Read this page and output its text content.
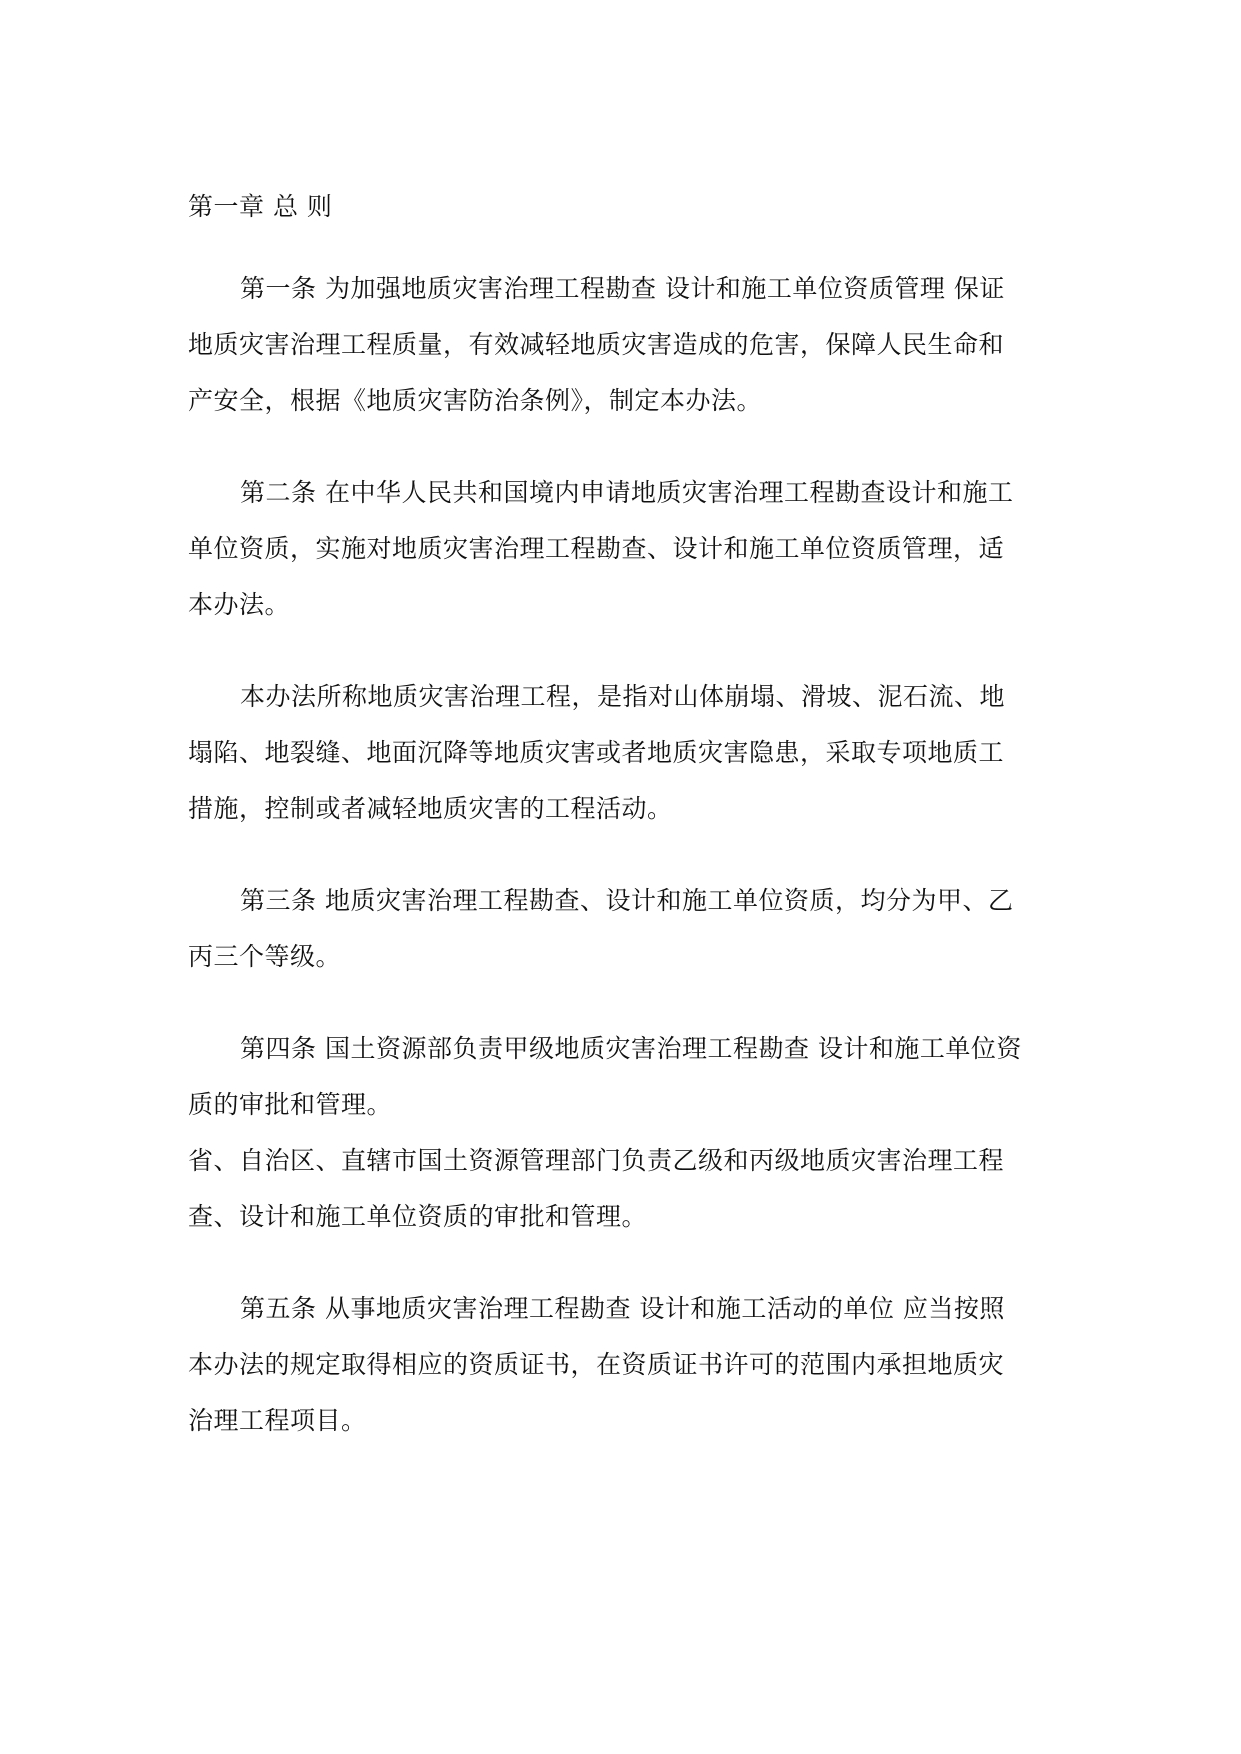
第一章 总 则
第一条 为加强地质灾害治理工程勘查 设计和施工单位资质管理 保证
地质灾害治理工程质量，有效减轻地质灾害造成的危害，保障人民生命和
产安全，根据《地质灾害防治条例》，制定本办法。
第二条 在中华人民共和国境内申请地质灾害治理工程勘查设计和施工
单位资质，实施对地质灾害治理工程勘查、设计和施工单位资质管理，适
本办法。
本办法所称地质灾害治理工程，是指对山体崩塌、滑坡、泥石流、地
塌陷、地裂缝、地面沉降等地质灾害或者地质灾害隐患，采取专项地质工
措施，控制或者减轻地质灾害的工程活动。
第三条 地质灾害治理工程勘查、设计和施工单位资质，均分为甲、乙
丙三个等级。
第四条 国土资源部负责甲级地质灾害治理工程勘查 设计和施工单位资
质的审批和管理。
省、自治区、直辖市国土资源管理部门负责乙级和丙级地质灾害治理工程
查、设计和施工单位资质的审批和管理。
第五条 从事地质灾害治理工程勘查 设计和施工活动的单位 应当按照
本办法的规定取得相应的资质证书，在资质证书许可的范围内承担地质灾
治理工程项目。
